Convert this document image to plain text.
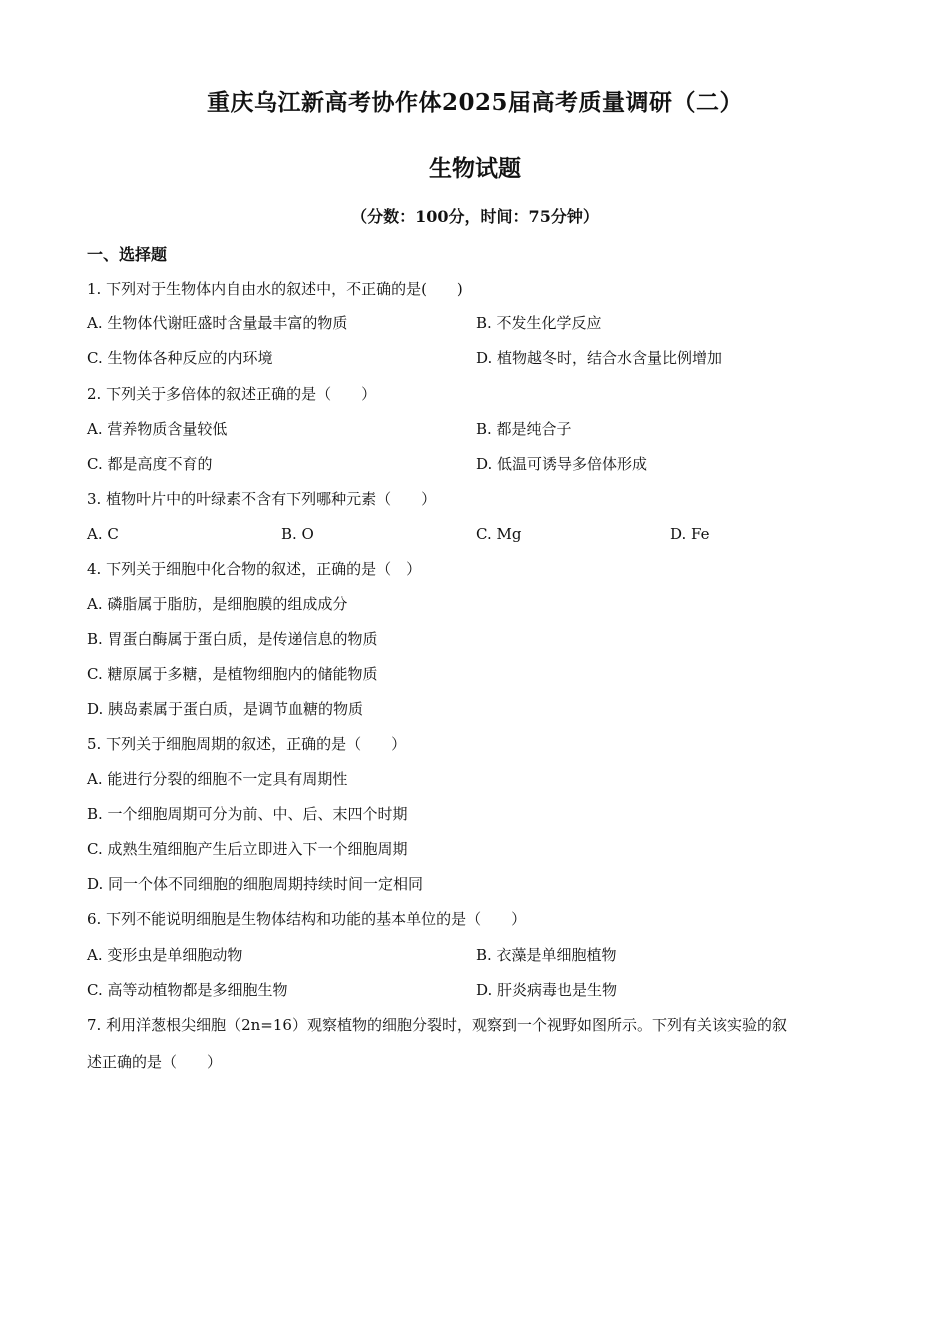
重庆乌江新高考协作体2025届高考质量调研（二）
生物试题
（分数：100分，时间：75分钟）
一、选择题
1. 下列对于生物体内自由水的叙述中，不正确的是(　　)
A. 生物体代谢旺盛时含量最丰富的物质	B. 不发生化学反应
C. 生物体各种反应的内环境	D. 植物越冬时，结合水含量比例增加
2. 下列关于多倍体的叙述正确的是（　　）
A. 营养物质含量较低	B. 都是纯合子
C. 都是高度不育的	D. 低温可诱导多倍体形成
3. 植物叶片中的叶绿素不含有下列哪种元素（　　）
A. C	B. O	C. Mg	D. Fe
4. 下列关于细胞中化合物的叙述，正确的是（　）
A. 磷脂属于脂肪，是细胞膜的组成成分
B. 胃蛋白酶属于蛋白质，是传递信息的物质
C. 糖原属于多糖，是植物细胞内的储能物质
D. 胰岛素属于蛋白质，是调节血糖的物质
5. 下列关于细胞周期的叙述，正确的是（　　）
A. 能进行分裂的细胞不一定具有周期性
B. 一个细胞周期可分为前、中、后、末四个时期
C. 成熟生殖细胞产生后立即进入下一个细胞周期
D. 同一个体不同细胞的细胞周期持续时间一定相同
6. 下列不能说明细胞是生物体结构和功能的基本单位的是（　　）
A. 变形虫是单细胞动物	B. 衣藻是单细胞植物
C. 高等动植物都是多细胞生物	D. 肝炎病毒也是生物
7. 利用洋葱根尖细胞（2n=16）观察植物的细胞分裂时，观察到一个视野如图所示。下列有关该实验的叙
述正确的是（　　）
